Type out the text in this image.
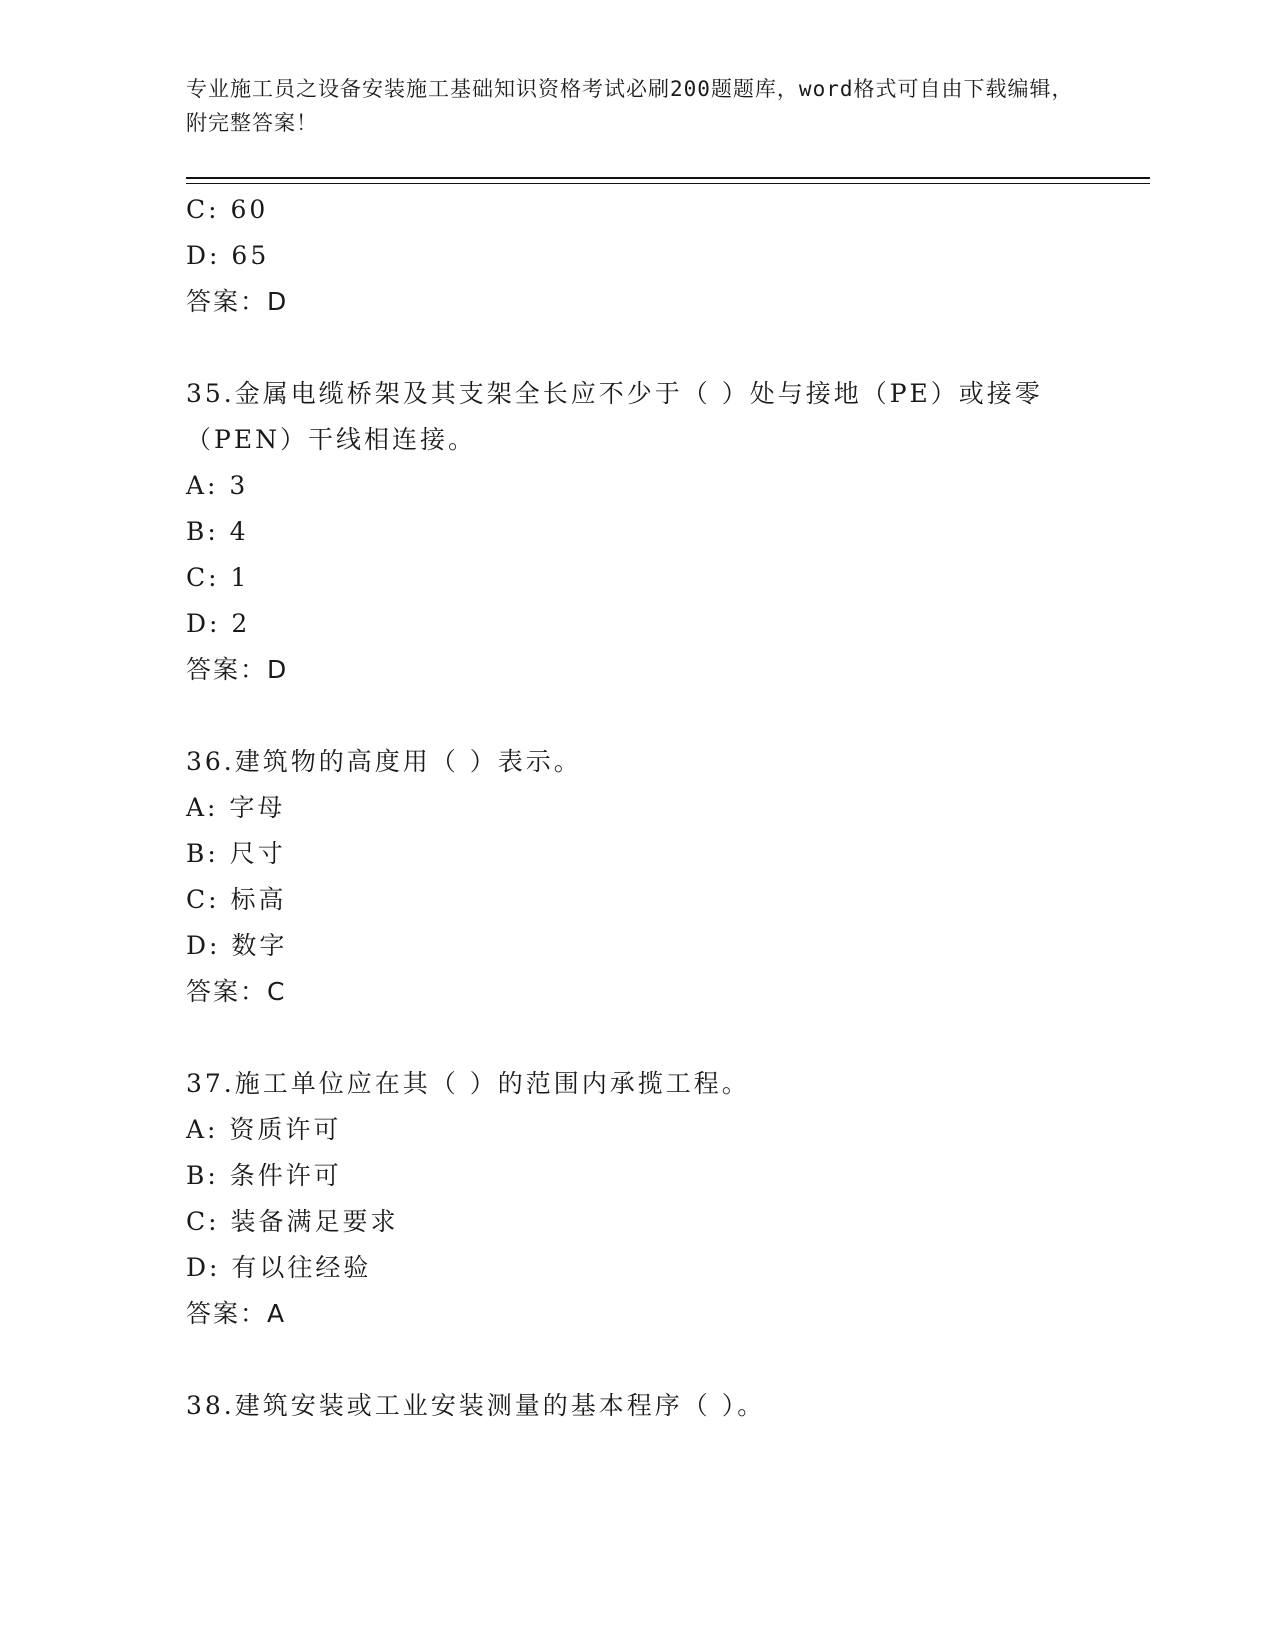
专业施工员之设备安装施工基础知识资格考试必刷200题题库，word格式可自由下载编辑，附完整答案！
C: 60
D: 65
答案：D
35.金属电缆桥架及其支架全长应不少于（ ）处与接地（PE）或接零（PEN）干线相连接。
A: 3
B: 4
C: 1
D: 2
答案：D
36.建筑物的高度用（ ）表示。
A: 字母
B: 尺寸
C: 标高
D: 数字
答案：C
37.施工单位应在其（ ）的范围内承揽工程。
A: 资质许可
B: 条件许可
C: 装备满足要求
D: 有以往经验
答案：A
38.建筑安装或工业安装测量的基本程序（ ）。
